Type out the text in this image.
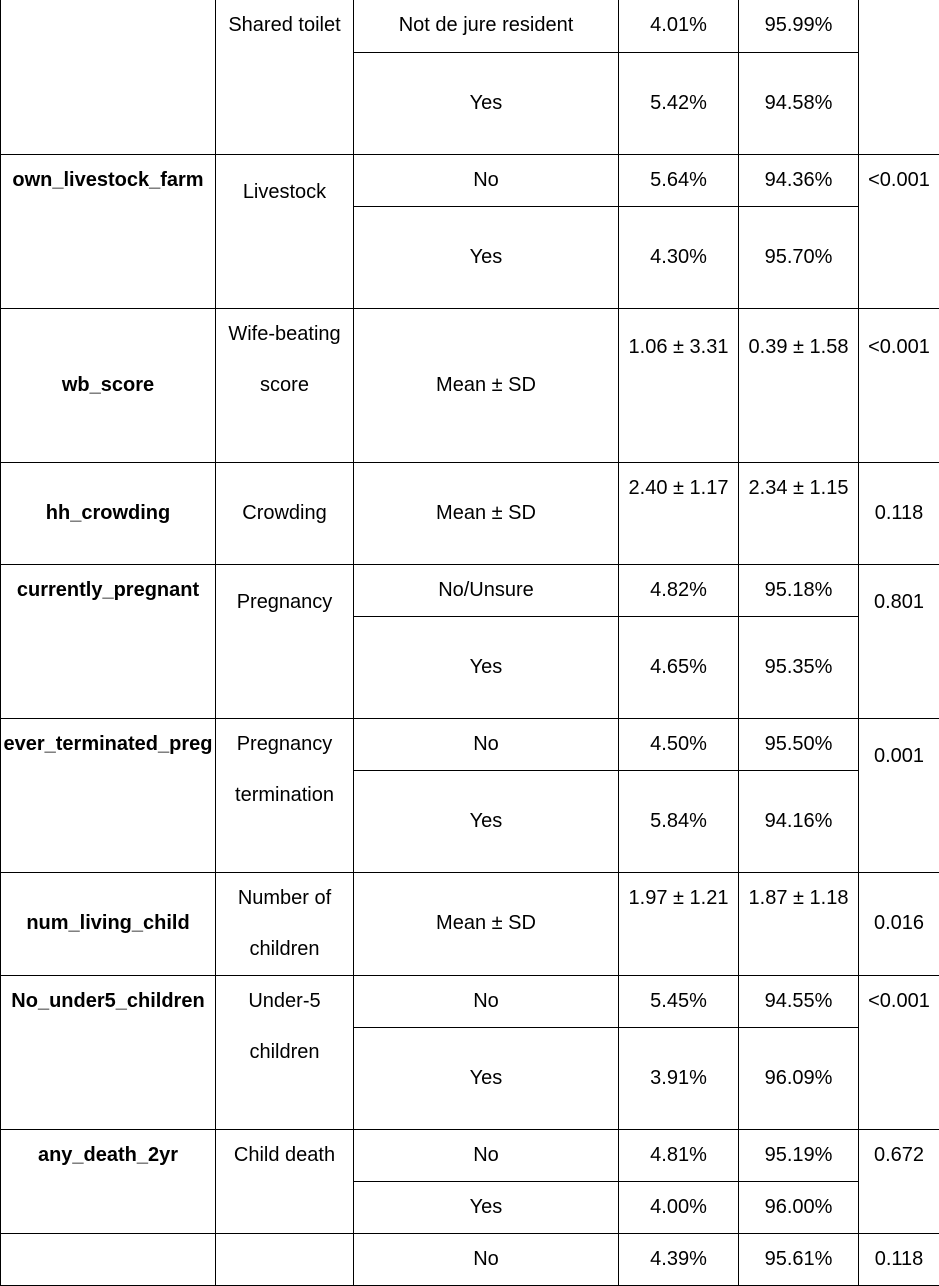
	Shared toilet	Not de jure resident	4.01%	95.99%	
		Yes	5.42%	94.58%	
own_livestock_farm	Livestock	No	5.64%	94.36%	<0.001
		Yes	4.30%	95.70%	
wb_score	Wife-beating score	Mean ± SD	1.06 ± 3.31	0.39 ± 1.58	<0.001
hh_crowding	Crowding	Mean ± SD	2.40 ± 1.17	2.34 ± 1.15	0.118
currently_pregnant	Pregnancy	No/Unsure	4.82%	95.18%	0.801
		Yes	4.65%	95.35%	
ever_terminated_preg	Pregnancy termination	No	4.50%	95.50%	0.001
		Yes	5.84%	94.16%	
num_living_child	Number of children	Mean ± SD	1.97 ± 1.21	1.87 ± 1.18	0.016
No_under5_children	Under-5 children	No	5.45%	94.55%	<0.001
		Yes	3.91%	96.09%	
any_death_2yr	Child death	No	4.81%	95.19%	0.672
		Yes	4.00%	96.00%	
		No	4.39%	95.61%	0.118
